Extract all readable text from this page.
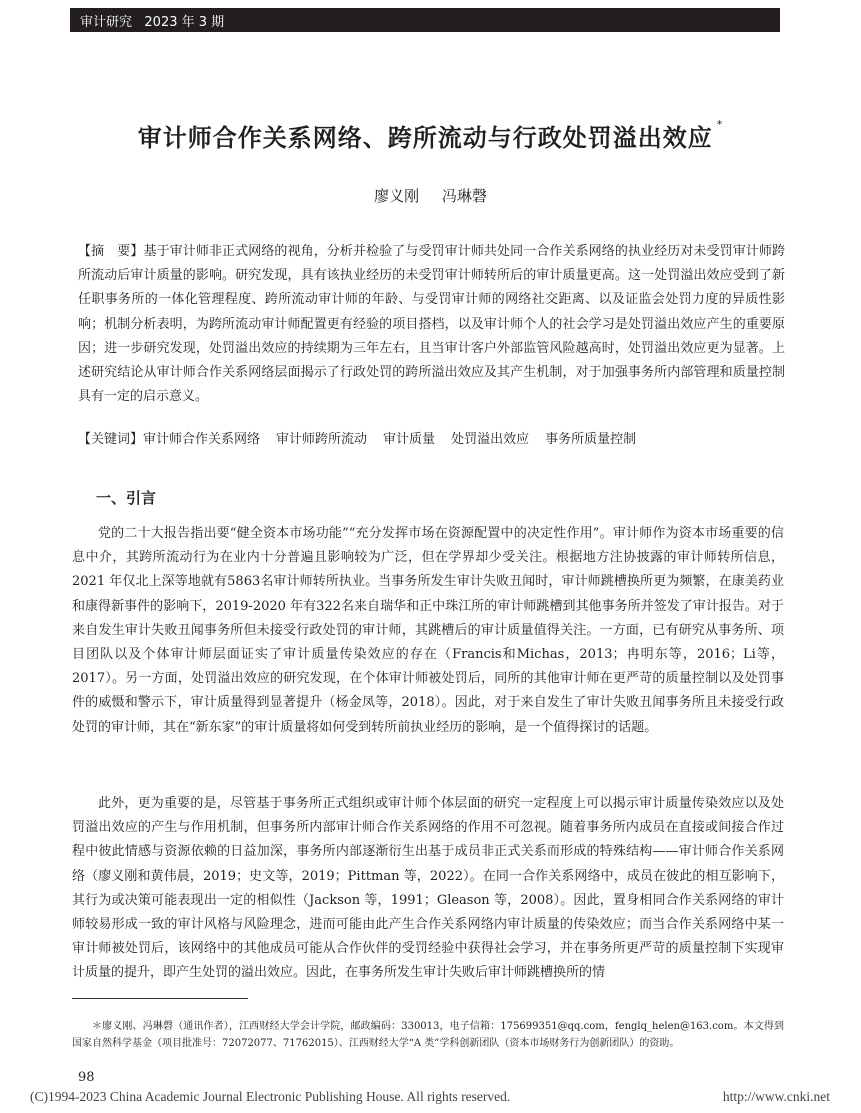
审计研究   2023 年 3 期
审计师合作关系网络、跨所流动与行政处罚溢出效应 *
廖义刚 冯琳磬
【摘　要】基于审计师非正式网络的视角，分析并检验了与受罚审计师共处同一合作关系网络的执业经历对未受罚审计师跨所流动后审计质量的影响。研究发现，具有该执业经历的未受罚审计师转所后的审计质量更高。这一处罚溢出效应受到了新任职事务所的一体化管理程度、跨所流动审计师的年龄、与受罚审计师的网络社交距离、以及证监会处罚力度的异质性影响；机制分析表明，为跨所流动审计师配置更有经验的项目搭档，以及审计师个人的社会学习是处罚溢出效应产生的重要原因；进一步研究发现，处罚溢出效应的持续期为三年左右，且当审计客户外部监管风险越高时，处罚溢出效应更为显著。上述研究结论从审计师合作关系网络层面揭示了行政处罚的跨所溢出效应及其产生机制，对于加强事务所内部管理和质量控制具有一定的启示意义。
【关键词】审计师合作关系网络 审计师跨所流动 审计质量 处罚溢出效应 事务所质量控制
一、引言
党的二十大报告指出要“健全资本市场功能”“充分发挥市场在资源配置中的决定性作用”。审计师作为资本市场重要的信息中介，其跨所流动行为在业内十分普遍且影响较为广泛，但在学界却少受关注。根据地方注协披露的审计师转所信息，2021 年仅北上深等地就有5863名审计师转所执业。当事务所发生审计失败丑闻时，审计师跳槽换所更为频繁，在康美药业和康得新事件的影响下，2019-2020 年有322名来自瑞华和正中珠江所的审计师跳槽到其他事务所并签发了审计报告。对于来自发生审计失败丑闻事务所但未接受行政处罚的审计师，其跳槽后的审计质量值得关注。一方面，已有研究从事务所、项目团队以及个体审计师层面证实了审计质量传染效应的存在（Francis和Michas，2013；冉明东等，2016；Li等，2017）。另一方面，处罚溢出效应的研究发现，在个体审计师被处罚后，同所的其他审计师在更严苛的质量控制以及处罚事件的威慑和警示下，审计质量得到显著提升（杨金凤等，2018）。因此，对于来自发生了审计失败丑闻事务所且未接受行政处罚的审计师，其在“新东家”的审计质量将如何受到转所前执业经历的影响，是一个值得探讨的话题。
此外，更为重要的是，尽管基于事务所正式组织或审计师个体层面的研究一定程度上可以揭示审计质量传染效应以及处罚溢出效应的产生与作用机制，但事务所内部审计师合作关系网络的作用不可忽视。随着事务所内成员在直接或间接合作过程中彼此情感与资源依赖的日益加深，事务所内部逐渐衍生出基于成员非正式关系而形成的特殊结构——审计师合作关系网络（廖义刚和黄伟晨，2019；史文等，2019；Pittman 等，2022）。在同一合作关系网络中，成员在彼此的相互影响下，其行为或决策可能表现出一定的相似性（Jackson 等，1991；Gleason 等，2008）。因此，置身相同合作关系网络的审计师较易形成一致的审计风格与风险理念，进而可能由此产生合作关系网络内审计质量的传染效应；而当合作关系网络中某一审计师被处罚后，该网络中的其他成员可能从合作伙伴的受罚经验中获得社会学习，并在事务所更严苛的质量控制下实现审计质量的提升，即产生处罚的溢出效应。因此，在事务所发生审计失败后审计师跳槽换所的情
＊廖义刚、冯琳磬（通讯作者），江西财经大学会计学院，邮政编码：330013，电子信箱：175699351@qq.com，fenglq_helen@163.com。本文得到国家自然科学基金（项目批准号：72072077、71762015）、江西财经大学“A 类”学科创新团队（资本市场财务行为创新团队）的资助。
98
(C)1994-2023 China Academic Journal Electronic Publishing House. All rights reserved.	http://www.cnki.net
